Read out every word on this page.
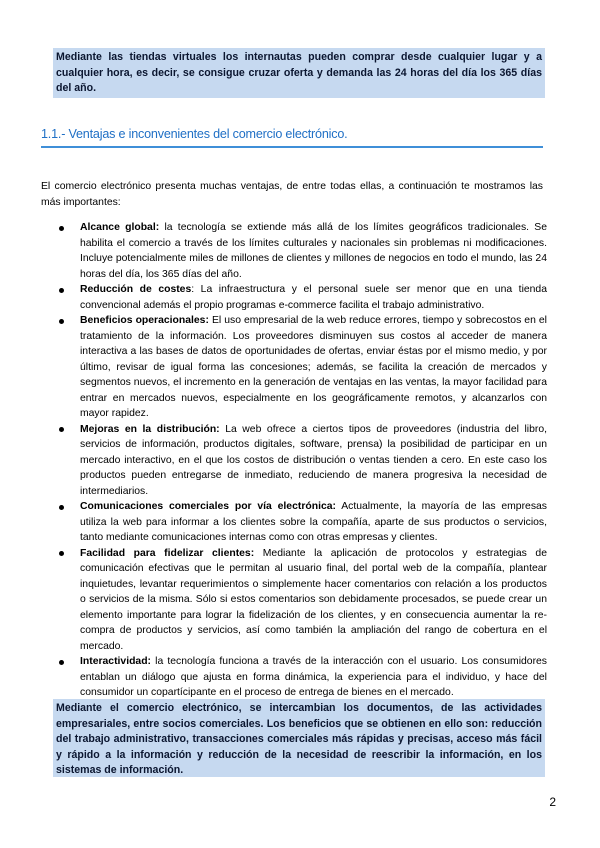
Mediante las tiendas virtuales los internautas pueden comprar desde cualquier lugar y a cualquier hora, es decir, se consigue cruzar oferta y demanda las 24 horas del día los 365 días del año.
1.1.- Ventajas e inconvenientes del comercio electrónico.

El comercio electrónico presenta muchas ventajas, de entre todas ellas, a continuación te mostramos las más importantes:

Alcance global: la tecnología se extiende más allá de los límites geográficos tradicionales. Se habilita el comercio a través de los límites culturales y nacionales sin problemas ni modificaciones. Incluye potencialmente miles de millones de clientes y millones de negocios en todo el mundo, las 24 horas del día, los 365 días del año.
Reducción de costes: La infraestructura y el personal suele ser menor que en una tienda convencional además el propio programas e-commerce facilita el trabajo administrativo.
Beneficios operacionales: El uso empresarial de la web reduce errores, tiempo y sobrecostos en el tratamiento de la información. Los proveedores disminuyen sus costos al acceder de manera interactiva a las bases de datos de oportunidades de ofertas, enviar éstas por el mismo medio, y por último, revisar de igual forma las concesiones; además, se facilita la creación de mercados y segmentos nuevos, el incremento en la generación de ventajas en las ventas, la mayor facilidad para entrar en mercados nuevos, especialmente en los geográficamente remotos, y alcanzarlos con mayor rapidez.
Mejoras en la distribución: La web ofrece a ciertos tipos de proveedores (industria del libro, servicios de información, productos digitales, software, prensa) la posibilidad de participar en un mercado interactivo, en el que los costos de distribución o ventas tienden a cero. En este caso los productos pueden entregarse de inmediato, reduciendo de manera progresiva la necesidad de intermediarios.
Comunicaciones comerciales por vía electrónica: Actualmente, la mayoría de las empresas utiliza la web para informar a los clientes sobre la compañía, aparte de sus productos o servicios, tanto mediante comunicaciones internas como con otras empresas y clientes.
Facilidad para fidelizar clientes: Mediante la aplicación de protocolos y estrategias de comunicación efectivas que le permitan al usuario final, del portal web de la compañía, plantear inquietudes, levantar requerimientos o simplemente hacer comentarios con relación a los productos o servicios de la misma. Sólo si estos comentarios son debidamente procesados, se puede crear un elemento importante para lograr la fidelización de los clientes, y en consecuencia aumentar la re-compra de productos y servicios, así como también la ampliación del rango de cobertura en el mercado.
Interactividad: la tecnología funciona a través de la interacción con el usuario. Los consumidores entablan un diálogo que ajusta en forma dinámica, la experiencia para el individuo, y hace del consumidor un copartícipante en el proceso de entrega de bienes en el mercado.
Mediante el comercio electrónico, se intercambian los documentos, de las actividades empresariales, entre socios comerciales. Los beneficios que se obtienen en ello son: reducción del trabajo administrativo, transacciones comerciales más rápidas y precisas, acceso más fácil y rápido a la información y reducción de la necesidad de reescribir la información, en los sistemas de información.
2
